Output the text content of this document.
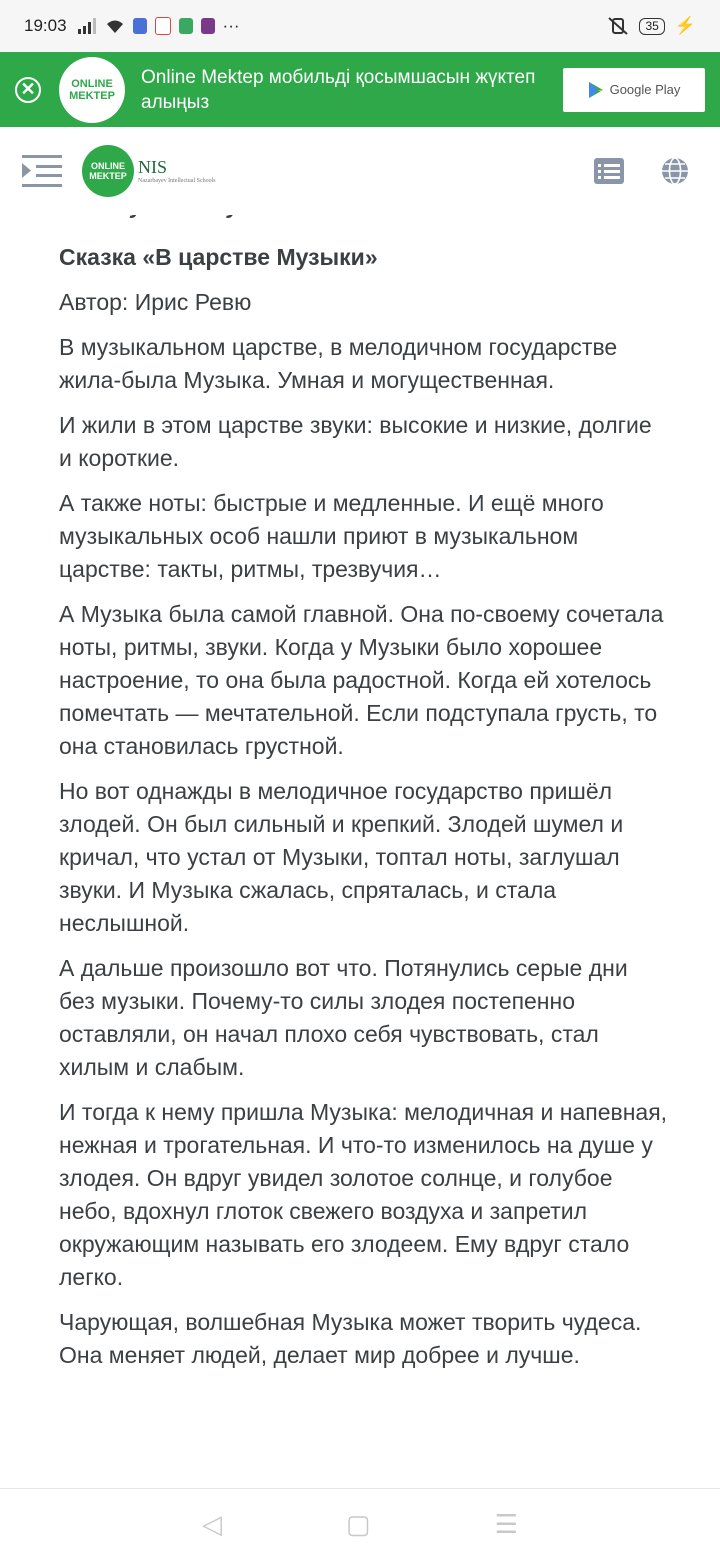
19:03	···	35 ⚡
✕	ONLINE
MEKTEP
Online Mektep мобильді қосымшасын жүктеп алыңыз
Google Play
ONLINE
MEKTEP NIS
Nazarbayev Intellectual Schools

Сказка «В царстве Музыки»

Автор: Ирис Ревю

В музыкальном царстве, в мелодичном государстве жила-была Музыка. Умная и могущественная.

И жили в этом царстве звуки: высокие и низкие, долгие и короткие.

А также ноты: быстрые и медленные. И ещё много музыкальных особ нашли приют в музыкальном царстве: такты, ритмы, трезвучия…

А Музыка была самой главной. Она по-своему сочетала ноты, ритмы, звуки. Когда у Музыки было хорошее настроение, то она была радостной. Когда ей хотелось помечтать — мечтательной. Если подступала грусть, то она становилась грустной.

Но вот однажды в мелодичное государство пришёл злодей. Он был сильный и крепкий. Злодей шумел и кричал, что устал от Музыки, топтал ноты, заглушал звуки. И Музыка сжалась, спряталась, и стала неслышной.

А дальше произошло вот что. Потянулись серые дни без музыки. Почему-то силы злодея постепенно оставляли, он начал плохо себя чувствовать, стал хилым и слабым.

И тогда к нему пришла Музыка: мелодичная и напевная, нежная и трогательная. И что-то изменилось на душе у злодея. Он вдруг увидел золотое солнце, и голубое небо, вдохнул глоток свежего воздуха и запретил окружающим называть его злодеем. Ему вдруг стало легко.

Чарующая, волшебная Музыка может творить чудеса. Она меняет людей, делает мир добрее и лучше.

◁	▢	☰
